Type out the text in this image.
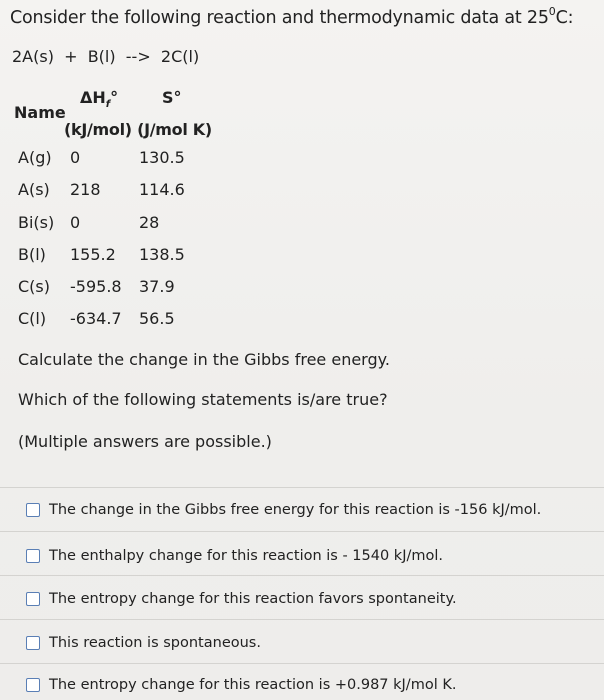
Consider the following reaction and thermodynamic data at $25^0C$:
2A(s)  +  B(l)  -->  2C(l)
Name
$\Delta H_f^\circ$	S°
(kJ/mol) (J/mol K)
A(g) 0	130.5
A(s) 218 114.6
Bi(s) 0	28
B(l) 155.2 138.5
C(s) -595.8 37.9
C(l) -634.7 56.5
Calculate the change in the Gibbs free energy.
Which of the following statements is/are true?
(Multiple answers are possible.)
The change in the Gibbs free energy for this reaction is -156 kJ/mol.
The enthalpy change for this reaction is - 1540 kJ/mol.
The entropy change for this reaction favors spontaneity.
This reaction is spontaneous.
The entropy change for this reaction is +0.987 kJ/mol K.
